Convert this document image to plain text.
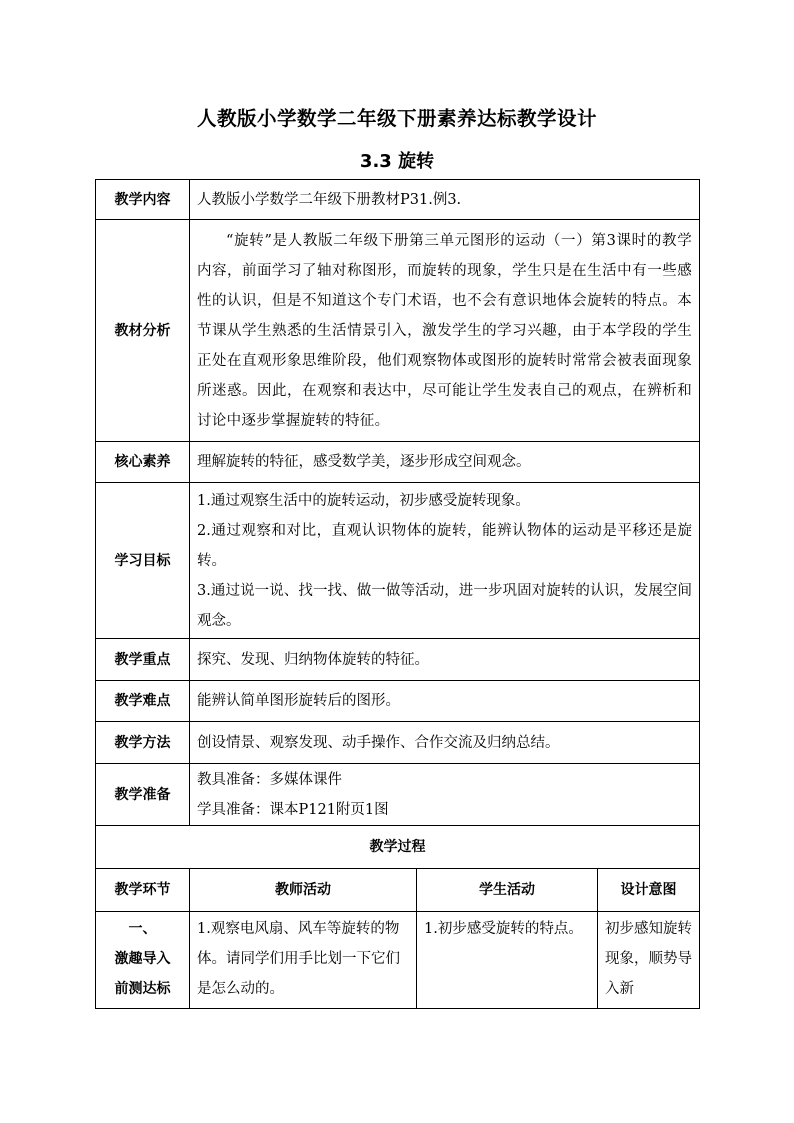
人教版小学数学二年级下册素养达标教学设计
3.3 旋转
教学内容	人教版小学数学二年级下册教材P31.例3.		
教材分析	“旋转”是人教版二年级下册第三单元图形的运动（一）第3课时的教学内容，前面学习了轴对称图形，而旋转的现象，学生只是在生活中有一些感性的认识，但是不知道这个专门术语，也不会有意识地体会旋转的特点。本节课从学生熟悉的生活情景引入，激发学生的学习兴趣，由于本学段的学生正处在直观形象思维阶段，他们观察物体或图形的旋转时常常会被表面现象所迷惑。因此，在观察和表达中，尽可能让学生发表自己的观点，在辨析和讨论中逐步掌握旋转的特征。		
核心素养	理解旋转的特征，感受数学美，逐步形成空间观念。		
学习目标	1.通过观察生活中的旋转运动，初步感受旋转现象。
2.通过观察和对比，直观认识物体的旋转，能辨认物体的运动是平移还是旋转。
3.通过说一说、找一找、做一做等活动，进一步巩固对旋转的认识，发展空间观念。		

教学重点	探究、发现、归纳物体旋转的特征。		
教学难点	能辨认简单图形旋转后的图形。		
教学方法	创设情景、观察发现、动手操作、合作交流及归纳总结。		
教学准备	教具准备：多媒体课件
学具准备：课本P121附页1图		

教学过程			
教学环节	教师活动	学生活动	设计意图

一、
激趣导入
前测达标	1.观察电风扇、风车等旋转的物体。请同学们用手比划一下它们是怎么动的。	1.初步感受旋转的特点。	初步感知旋转现象，顺势导入新
